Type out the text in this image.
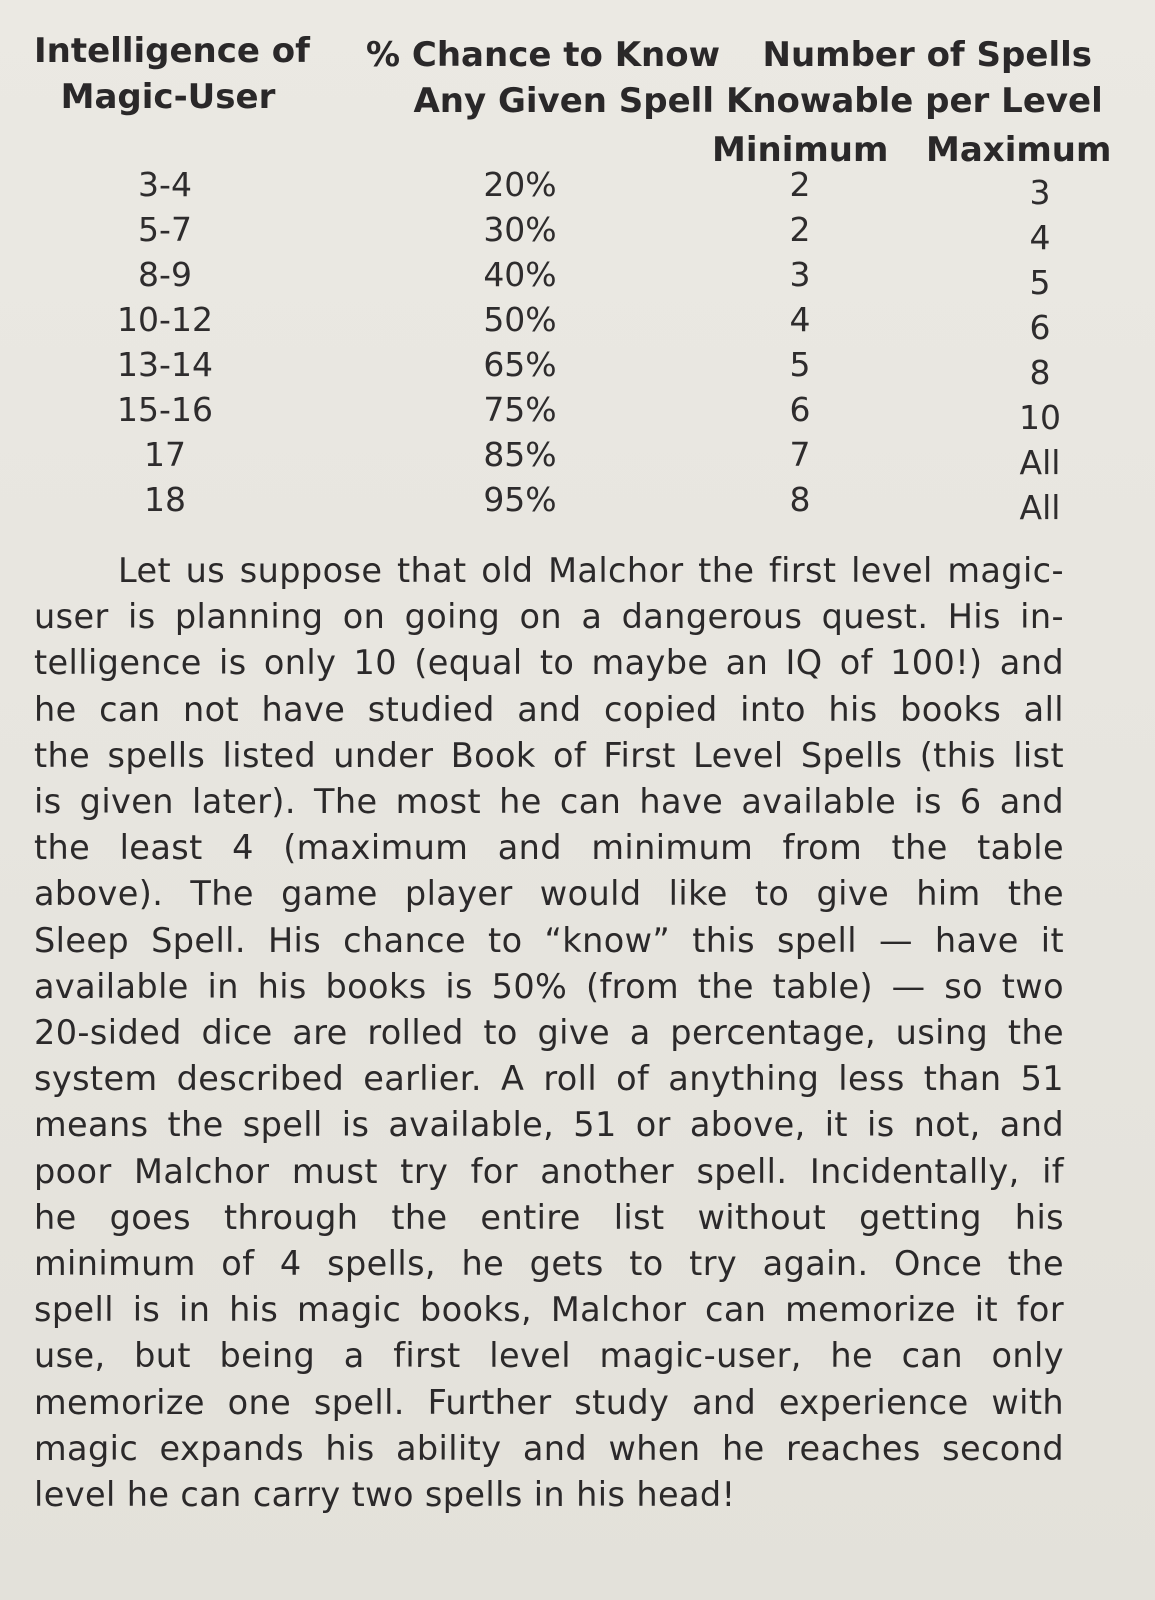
Intelligence of
Magic-User
% Chance to Know
Any Given Spell
Number of Spells
Knowable per Level
Minimum Maximum
3-4	20%	2	3
5-7	30%	2	4
8-9	40%	3	5
10-12	50%	4	6
13-14	65%	5	8
15-16	75%	6	10
17	85%	7	All
18	95%	8	All
Let us suppose that old Malchor the first level magic-
user is planning on going on a dangerous quest. His in-
telligence is only 10 (equal to maybe an IQ of 100!) and
he can not have studied and copied into his books all
the spells listed under Book of First Level Spells (this list
is given later). The most he can have available is 6 and
the least 4 (maximum and minimum from the table
above). The game player would like to give him the
Sleep Spell. His chance to “know” this spell — have it
available in his books is 50% (from the table) — so two
20-sided dice are rolled to give a percentage, using the
system described earlier. A roll of anything less than 51
means the spell is available, 51 or above, it is not, and
poor Malchor must try for another spell. Incidentally, if
he goes through the entire list without getting his
minimum of 4 spells, he gets to try again. Once the
spell is in his magic books, Malchor can memorize it for
use, but being a first level magic-user, he can only
memorize one spell. Further study and experience with
magic expands his ability and when he reaches second
level he can carry two spells in his head!
